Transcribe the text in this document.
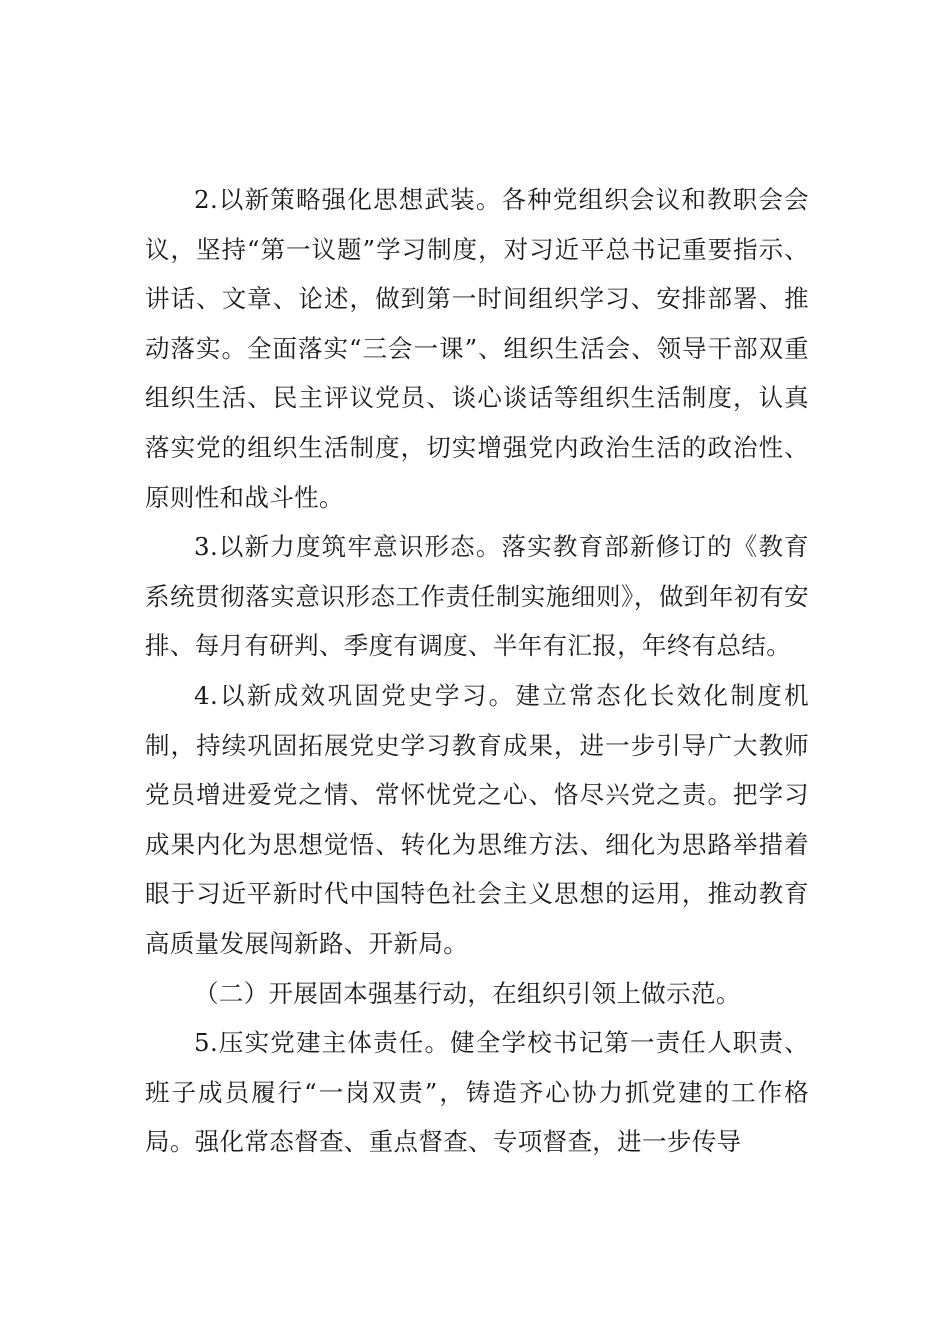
2.以新策略强化思想武装。各种党组织会议和教职会会议，坚持“第一议题”学习制度，对习近平总书记重要指示、讲话、文章、论述，做到第一时间组织学习、安排部署、推动落实。全面落实“三会一课”、组织生活会、领导干部双重组织生活、民主评议党员、谈心谈话等组织生活制度，认真落实党的组织生活制度，切实增强党内政治生活的政治性、原则性和战斗性。

3.以新力度筑牢意识形态。落实教育部新修订的《教育系统贯彻落实意识形态工作责任制实施细则》，做到年初有安排、每月有研判、季度有调度、半年有汇报，年终有总结。

4.以新成效巩固党史学习。建立常态化长效化制度机制，持续巩固拓展党史学习教育成果，进一步引导广大教师党员增进爱党之情、常怀忧党之心、恪尽兴党之责。把学习成果内化为思想觉悟、转化为思维方法、细化为思路举措着眼于习近平新时代中国特色社会主义思想的运用，推动教育高质量发展闯新路、开新局。

（二）开展固本强基行动，在组织引领上做示范。

5.压实党建主体责任。健全学校书记第一责任人职责、班子成员履行“一岗双责”，铸造齐心协力抓党建的工作格局。强化常态督查、重点督查、专项督查，进一步传导
